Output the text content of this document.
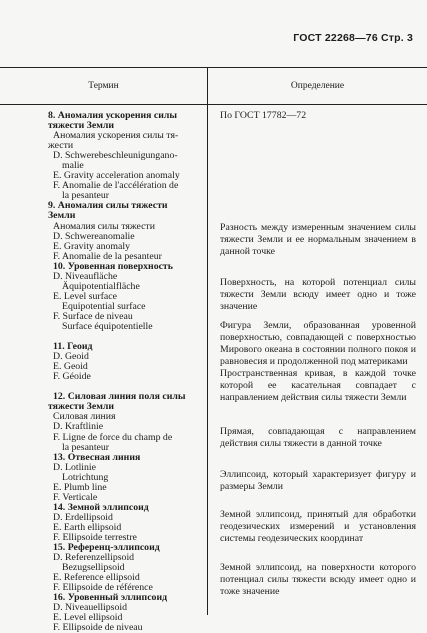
ГОСТ 22268—76 Стр. 3
Термин	Определение
8. Аномалия ускорения силы
тяжести Земли
Аномалия ускорения силы тя-
жести
D. Schwerebeschleunigungano-
malie
E. Gravity acceleration anomaly
F. Anomalie de l'accélération de
la pesanteur
9. Аномалия силы тяжести
Земли
Аномалия силы тяжести
D. Schwereanomalie
E. Gravity anomaly
F. Anomalie de la pesanteur
10. Уровенная поверхность
D. Niveaufläche
Äquipotentialfläche
E. Level surface
Equipotential surface
F. Surface de niveau
Surface équipotentielle

11. Геоид
D. Geoid
E. Geoid
F. Géoide

12. Силовая линия поля силы
тяжести Земли
Силовая линия
D. Kraftlinie
F. Ligne de force du champ de
la pesanteur
13. Отвесная линия
D. Lotlinie
Lotrichtung
E. Plumb line
F. Verticale
14. Земной эллипсоид
D. Erdellipsoid
E. Earth ellipsoid
F. Ellipsoide terrestre
15. Референц-эллипсоид
D. Referenzellipsoid
Bezugsellipsoid
E. Reference ellipsoid
F. Ellipsoide de référence
16. Уровенный эллипсоид
D. Niveauellipsoid
E. Level ellipsoid
F. Ellipsoide de niveau
По ГОСТ 17782—72
Разность между измеренным значением силы тяжести Земли и ее нормальным значением в данной точке
Поверхность, на которой потенциал силы тяжести Земли всюду имеет одно и тоже значение
Фигура Земли, образованная уровенной поверхностью, совпадающей с поверхностью Мирового океана в состоянии полного покоя и равновесия и продолженной под материками
Пространственная кривая, в каждой точке которой ее касательная совпадает с направлением действия силы тяжести Земли
Прямая, совпадающая с направлением действия силы тяжести в данной точке
Эллипсоид, который характеризует фигуру и размеры Земли
Земной эллипсоид, принятый для обработки геодезических измерений и установления системы геодезических координат
Земной эллипсоид, на поверхности которого потенциал силы тяжести всюду имеет одно и тоже значение
